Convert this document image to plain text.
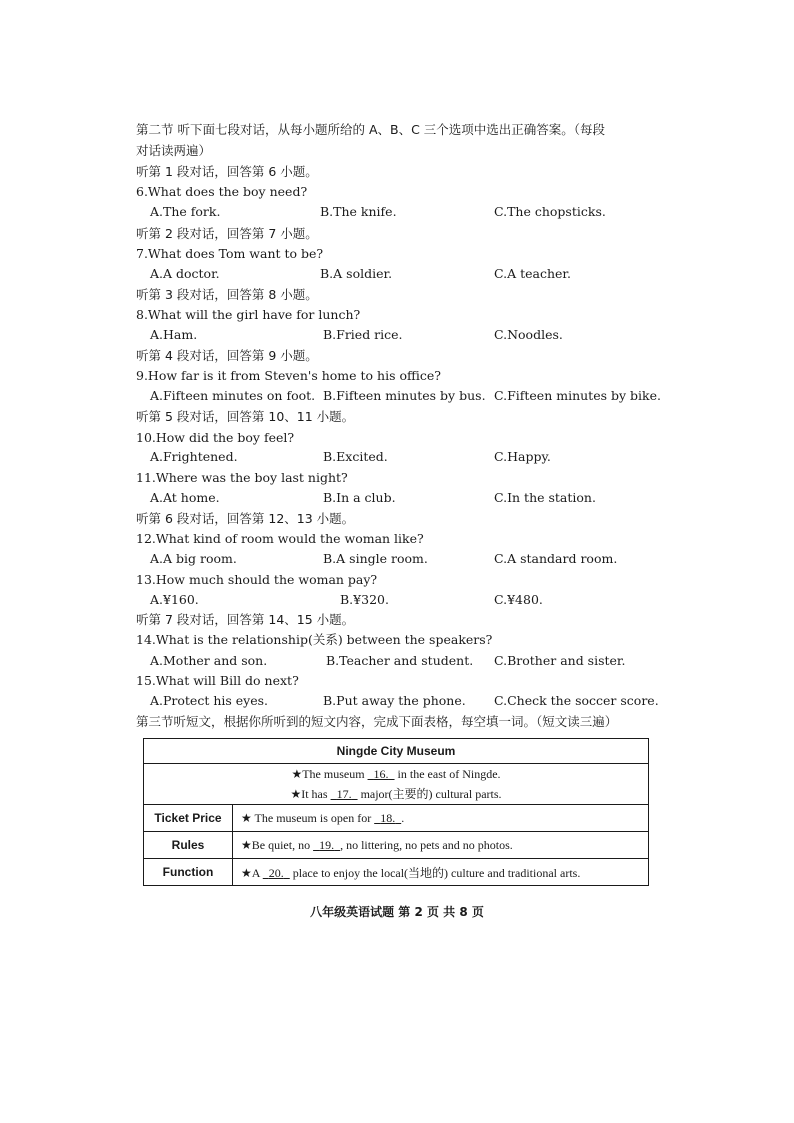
第二节 听下面七段对话，从每小题所给的 A、B、C 三个选项中选出正确答案。（每段
对话读两遍）
听第 1 段对话，回答第 6 小题。
6.What does the boy need?
A.The fork.	B.The knife.	C.The chopsticks.
听第 2 段对话，回答第 7 小题。
7.What does Tom want to be?
A.A doctor.	B.A soldier.	C.A teacher.
听第 3 段对话，回答第 8 小题。
8.What will the girl have for lunch?
A.Ham.	B.Fried rice.	C.Noodles.
听第 4 段对话，回答第 9 小题。
9.How far is it from Steven's home to his office?
A.Fifteen minutes on foot. B.Fifteen minutes by bus. C.Fifteen minutes by bike.
听第 5 段对话，回答第 10、11 小题。
10.How did the boy feel?
A.Frightened.	B.Excited.	C.Happy.
11.Where was the boy last night?
A.At home.	B.In a club.	C.In the station.
听第 6 段对话，回答第 12、13 小题。
12.What kind of room would the woman like?
A.A big room.	B.A single room.	C.A standard room.
13.How much should the woman pay?
A.¥160.	B.¥320.	C.¥480.
听第 7 段对话，回答第 14、15 小题。
14.What is the relationship(关系) between the speakers?
A.Mother and son.	B.Teacher and student. C.Brother and sister.
15.What will Bill do next?
A.Protect his eyes.	B.Put away the phone. C.Check the soccer score.
第三节听短文，根据你所听到的短文内容，完成下面表格，每空填一词。（短文读三遍）
Ningde City Museum	

★The museum   16.   in the east of Ningde.
★It has   17.   major(主要的) cultural parts.	

Ticket Price	★ The museum is open for   18. .
Rules	★Be quiet, no   19. , no littering, no pets and no photos.
Function	★A   20.   place to enjoy the local(当地的) culture and traditional arts.
八年级英语试题 第 2 页 共 8 页
